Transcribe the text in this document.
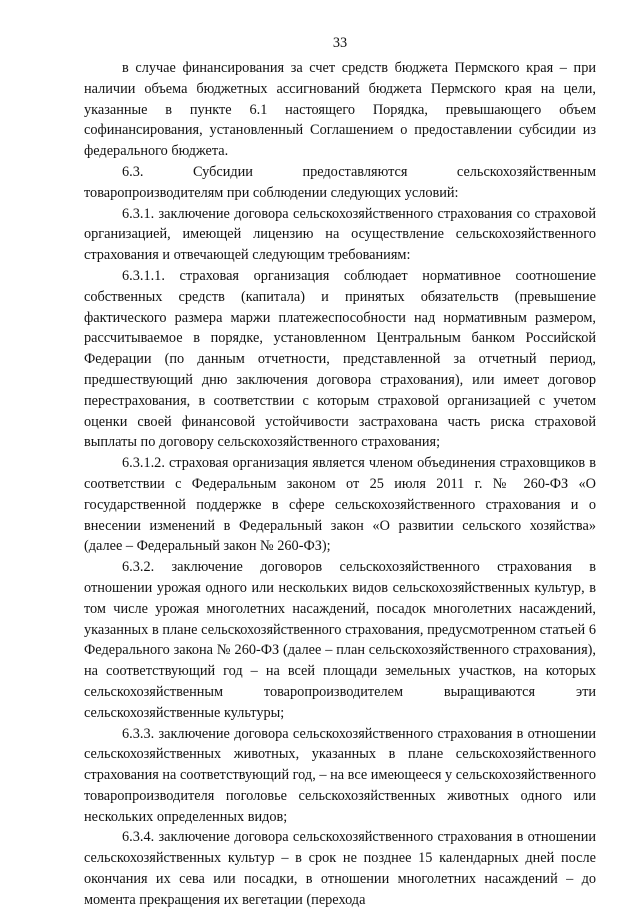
33

в случае финансирования за счет средств бюджета Пермского края – при наличии объема бюджетных ассигнований бюджета Пермского края на цели, указанные в пункте 6.1 настоящего Порядка, превышающего объем софинансирования, установленный Соглашением о предоставлении субсидии из федерального бюджета.

6.3. Субсидии предоставляются сельскохозяйственным товаропроизводителям при соблюдении следующих условий:

6.3.1. заключение договора сельскохозяйственного страхования со страховой организацией, имеющей лицензию на осуществление сельскохозяйственного страхования и отвечающей следующим требованиям:

6.3.1.1. страховая организация соблюдает нормативное соотношение собственных средств (капитала) и принятых обязательств (превышение фактического размера маржи платежеспособности над нормативным размером, рассчитываемое в порядке, установленном Центральным банком Российской Федерации (по данным отчетности, представленной за отчетный период, предшествующий дню заключения договора страхования), или имеет договор перестрахования, в соответствии с которым страховой организацией с учетом оценки своей финансовой устойчивости застрахована часть риска страховой выплаты по договору сельскохозяйственного страхования;

6.3.1.2. страховая организация является членом объединения страховщиков в соответствии с Федеральным законом от 25 июля 2011 г. № 260-ФЗ «О государственной поддержке в сфере сельскохозяйственного страхования и о внесении изменений в Федеральный закон «О развитии сельского хозяйства» (далее – Федеральный закон № 260-ФЗ);

6.3.2. заключение договоров сельскохозяйственного страхования в отношении урожая одного или нескольких видов сельскохозяйственных культур, в том числе урожая многолетних насаждений, посадок многолетних насаждений, указанных в плане сельскохозяйственного страхования, предусмотренном статьей 6 Федерального закона № 260-ФЗ (далее – план сельскохозяйственного страхования), на соответствующий год – на всей площади земельных участков, на которых сельскохозяйственным товаропроизводителем выращиваются эти сельскохозяйственные культуры;

6.3.3. заключение договора сельскохозяйственного страхования в отношении сельскохозяйственных животных, указанных в плане сельскохозяйственного страхования на соответствующий год, – на все имеющееся у сельскохозяйственного товаропроизводителя поголовье сельскохозяйственных животных одного или нескольких определенных видов;

6.3.4. заключение договора сельскохозяйственного страхования в отношении сельскохозяйственных культур – в срок не позднее 15 календарных дней после окончания их сева или посадки, в отношении многолетних насаждений – до момента прекращения их вегетации (перехода
